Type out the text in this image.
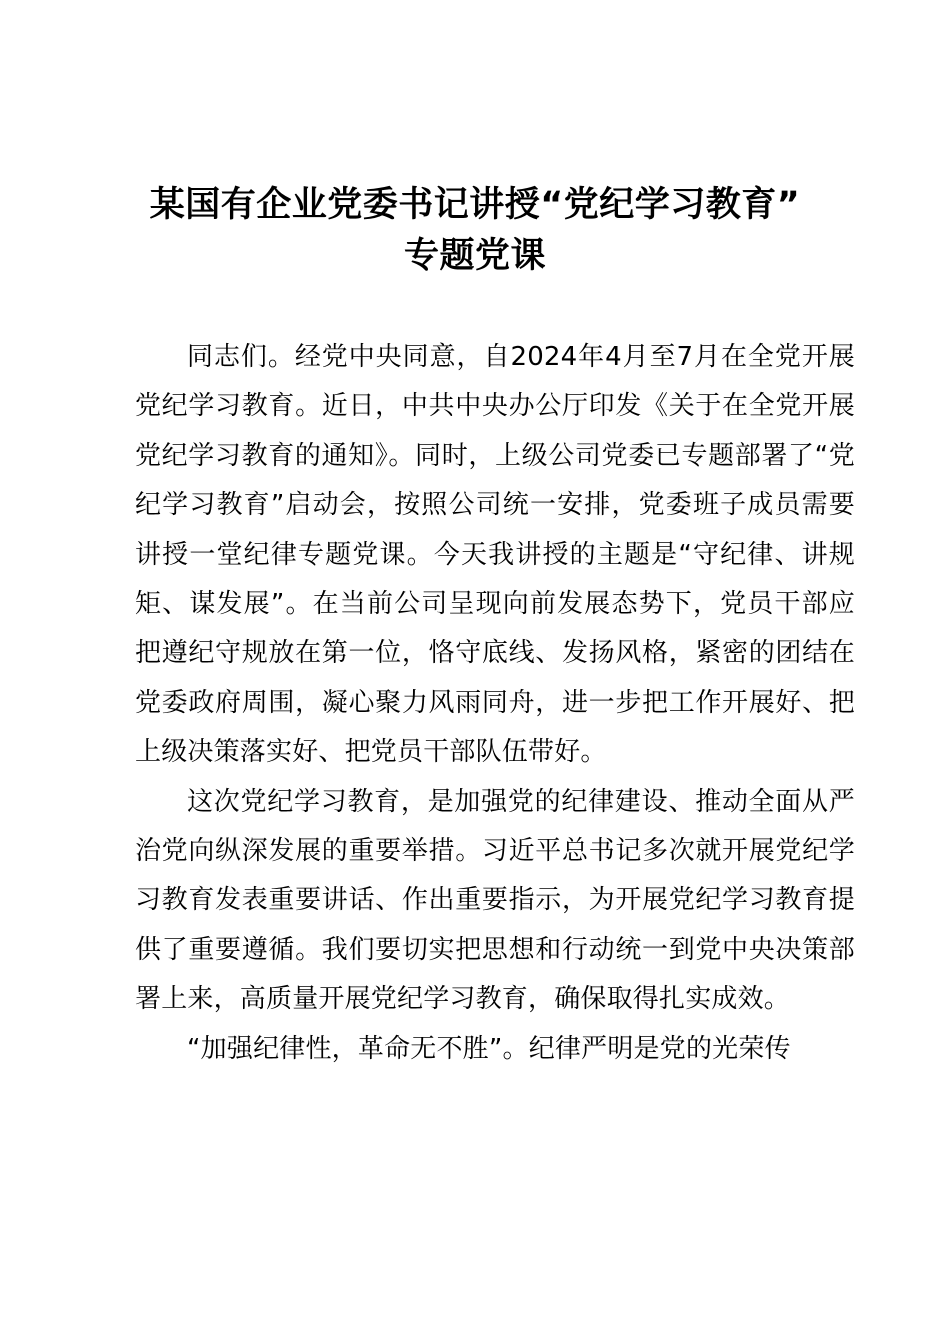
某国有企业党委书记讲授“党纪学习教育”
专题党课

同志们。经党中央同意，自2024年4月至7月在全党开展党纪学习教育。近日，中共中央办公厅印发《关于在全党开展党纪学习教育的通知》。同时，上级公司党委已专题部署了“党纪学习教育”启动会，按照公司统一安排，党委班子成员需要讲授一堂纪律专题党课。今天我讲授的主题是“守纪律、讲规矩、谋发展”。在当前公司呈现向前发展态势下，党员干部应把遵纪守规放在第一位，恪守底线、发扬风格，紧密的团结在党委政府周围，凝心聚力风雨同舟，进一步把工作开展好、把上级决策落实好、把党员干部队伍带好。

这次党纪学习教育，是加强党的纪律建设、推动全面从严治党向纵深发展的重要举措。习近平总书记多次就开展党纪学习教育发表重要讲话、作出重要指示，为开展党纪学习教育提供了重要遵循。我们要切实把思想和行动统一到党中央决策部署上来，高质量开展党纪学习教育，确保取得扎实成效。

“加强纪律性，革命无不胜”。纪律严明是党的光荣传
